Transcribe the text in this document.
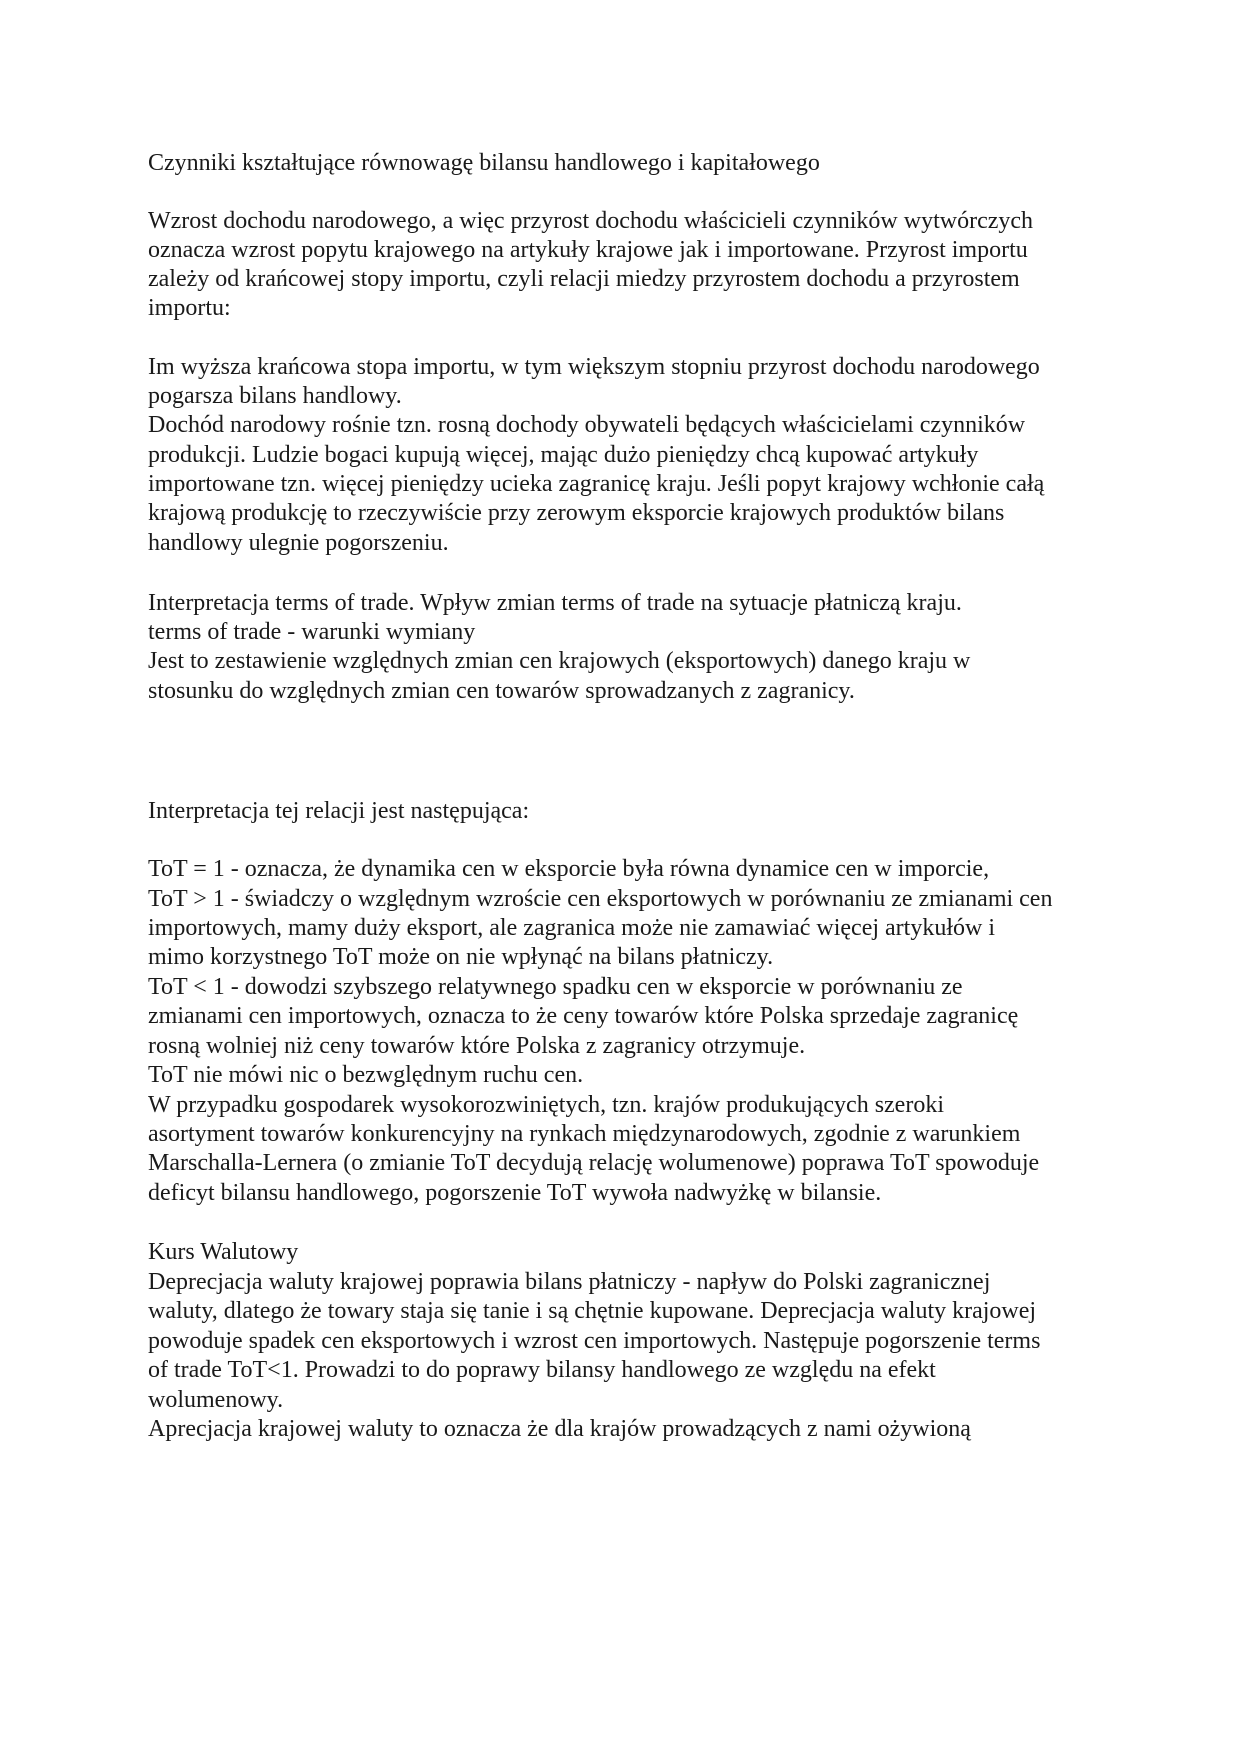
Czynniki kształtujące równowagę bilansu handlowego i kapitałowego
Wzrost dochodu narodowego, a więc przyrost dochodu właścicieli czynników wytwórczych
oznacza wzrost popytu krajowego na artykuły krajowe jak i importowane. Przyrost importu
zależy od krańcowej stopy importu, czyli relacji miedzy przyrostem dochodu a przyrostem
importu:
Im wyższa krańcowa stopa importu, w tym większym stopniu przyrost dochodu narodowego
pogarsza bilans handlowy.
Dochód narodowy rośnie tzn. rosną dochody obywateli będących właścicielami czynników
produkcji. Ludzie bogaci kupują więcej, mając dużo pieniędzy chcą kupować artykuły
importowane tzn. więcej pieniędzy ucieka zagranicę kraju. Jeśli popyt krajowy wchłonie całą
krajową produkcję to rzeczywiście przy zerowym eksporcie krajowych produktów bilans
handlowy ulegnie pogorszeniu.
Interpretacja terms of trade. Wpływ zmian terms of trade na sytuacje płatniczą kraju.
terms of trade - warunki wymiany
Jest to zestawienie względnych zmian cen krajowych (eksportowych) danego kraju w
stosunku do względnych zmian cen towarów sprowadzanych z zagranicy.
Interpretacja tej relacji jest następująca:
ToT = 1 - oznacza, że dynamika cen w eksporcie była równa dynamice cen w imporcie,
ToT > 1 - świadczy o względnym wzroście cen eksportowych w porównaniu ze zmianami cen
importowych, mamy duży eksport, ale zagranica może nie zamawiać więcej artykułów i
mimo korzystnego ToT może on nie wpłynąć na bilans płatniczy.
ToT < 1 - dowodzi szybszego relatywnego spadku cen w eksporcie w porównaniu ze
zmianami cen importowych, oznacza to że ceny towarów które Polska sprzedaje zagranicę
rosną wolniej niż ceny towarów które Polska z zagranicy otrzymuje.
ToT nie mówi nic o bezwględnym ruchu cen.
W przypadku gospodarek wysokorozwiniętych, tzn. krajów produkujących szeroki
asortyment towarów konkurencyjny na rynkach międzynarodowych, zgodnie z warunkiem
Marschalla-Lernera (o zmianie ToT decydują relację wolumenowe) poprawa ToT spowoduje
deficyt bilansu handlowego, pogorszenie ToT wywoła nadwyżkę w bilansie.
Kurs Walutowy
Deprecjacja waluty krajowej poprawia bilans płatniczy - napływ do Polski zagranicznej
waluty, dlatego że towary staja się tanie i są chętnie kupowane. Deprecjacja waluty krajowej
powoduje spadek cen eksportowych i wzrost cen importowych. Następuje pogorszenie terms
of trade ToT<1. Prowadzi to do poprawy bilansy handlowego ze względu na efekt
wolumenowy.
Aprecjacja krajowej waluty to oznacza że dla krajów prowadzących z nami ożywioną
